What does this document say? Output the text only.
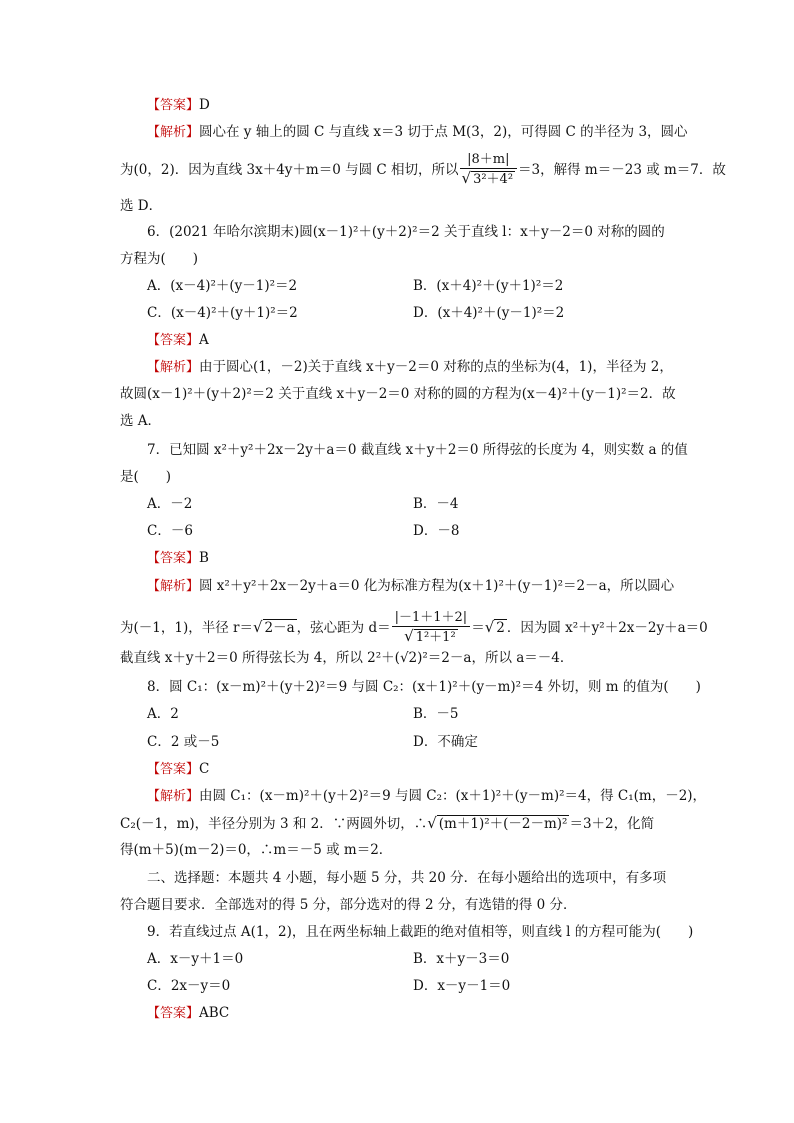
【答案】D
【解析】圆心在 y 轴上的圆 C 与直线 x＝3 切于点 M(3，2)，可得圆 C 的半径为 3，圆心
为(0，2)．因为直线 3x＋4y＋m＝0 与圆 C 相切，所以 $\frac{|8+m|}{\text{√ 3²＋4²}} =3$，解得 m＝－23 或 m＝7．故
选 D．
6．(2021 年哈尔滨期末)圆(x－1)²＋(y＋2)²＝2 关于直线 l：x＋y－2＝0 对称的圆的
方程为(　　)
A．(x－4)²＋(y－1)²＝2	B．(x＋4)²＋(y＋1)²＝2
C．(x－4)²＋(y＋1)²＝2	D．(x＋4)²＋(y－1)²＝2
【答案】A
【解析】由于圆心(1，－2)关于直线 x＋y－2＝0 对称的点的坐标为(4，1)，半径为 2，
故圆(x－1)²＋(y＋2)²＝2 关于直线 x＋y－2＝0 对称的圆的方程为(x－4)²＋(y－1)²＝2．故
选 A．
7．已知圆 x²＋y²＋2x－2y＋a＝0 截直线 x＋y＋2＝0 所得弦的长度为 4，则实数 a 的值
是(　　)
A．－2	B．－4
C．－6	D．－8
【答案】B
【解析】圆 x²＋y²＋2x－2y＋a＝0 化为标准方程为(x＋1)²＋(y－1)²＝2－a，所以圆心
为(－1，1)，半径 r＝√ 2－a ，弦心距为 $d= \frac{|-1+1+2|}{\text{√ 1²＋1²}}$ ＝√ 2 ．因为圆 x²＋y²＋2x－2y＋a＝0
截直线 x＋y＋2＝0 所得弦长为 4，所以 2²＋(√2)²＝2－a，所以 a＝－4．
8．圆 C₁：(x－m)²＋(y＋2)²＝9 与圆 C₂：(x＋1)²＋(y－m)²＝4 外切，则 m 的值为(　　)
A．2	B．－5
C．2 或－5	D．不确定
【答案】C
【解析】由圆 C₁：(x－m)²＋(y＋2)²＝9 与圆 C₂：(x＋1)²＋(y－m)²＝4，得 C₁(m，－2)，
C₂(－1，m)，半径分别为 3 和 2．∵两圆外切，∴√ (m＋1)²＋(－2－m)² ＝3＋2，化简
得(m＋5)(m－2)＝0，∴m＝－5 或 m＝2．
二、选择题：本题共 4 小题，每小题 5 分，共 20 分．在每小题给出的选项中，有多项
符合题目要求．全部选对的得 5 分，部分选对的得 2 分，有选错的得 0 分．
9．若直线过点 A(1，2)，且在两坐标轴上截距的绝对值相等，则直线 l 的方程可能为(　　)
A．x－y＋1＝0	B．x＋y－3＝0
C．2x－y＝0	D．x－y－1＝0
【答案】ABC
